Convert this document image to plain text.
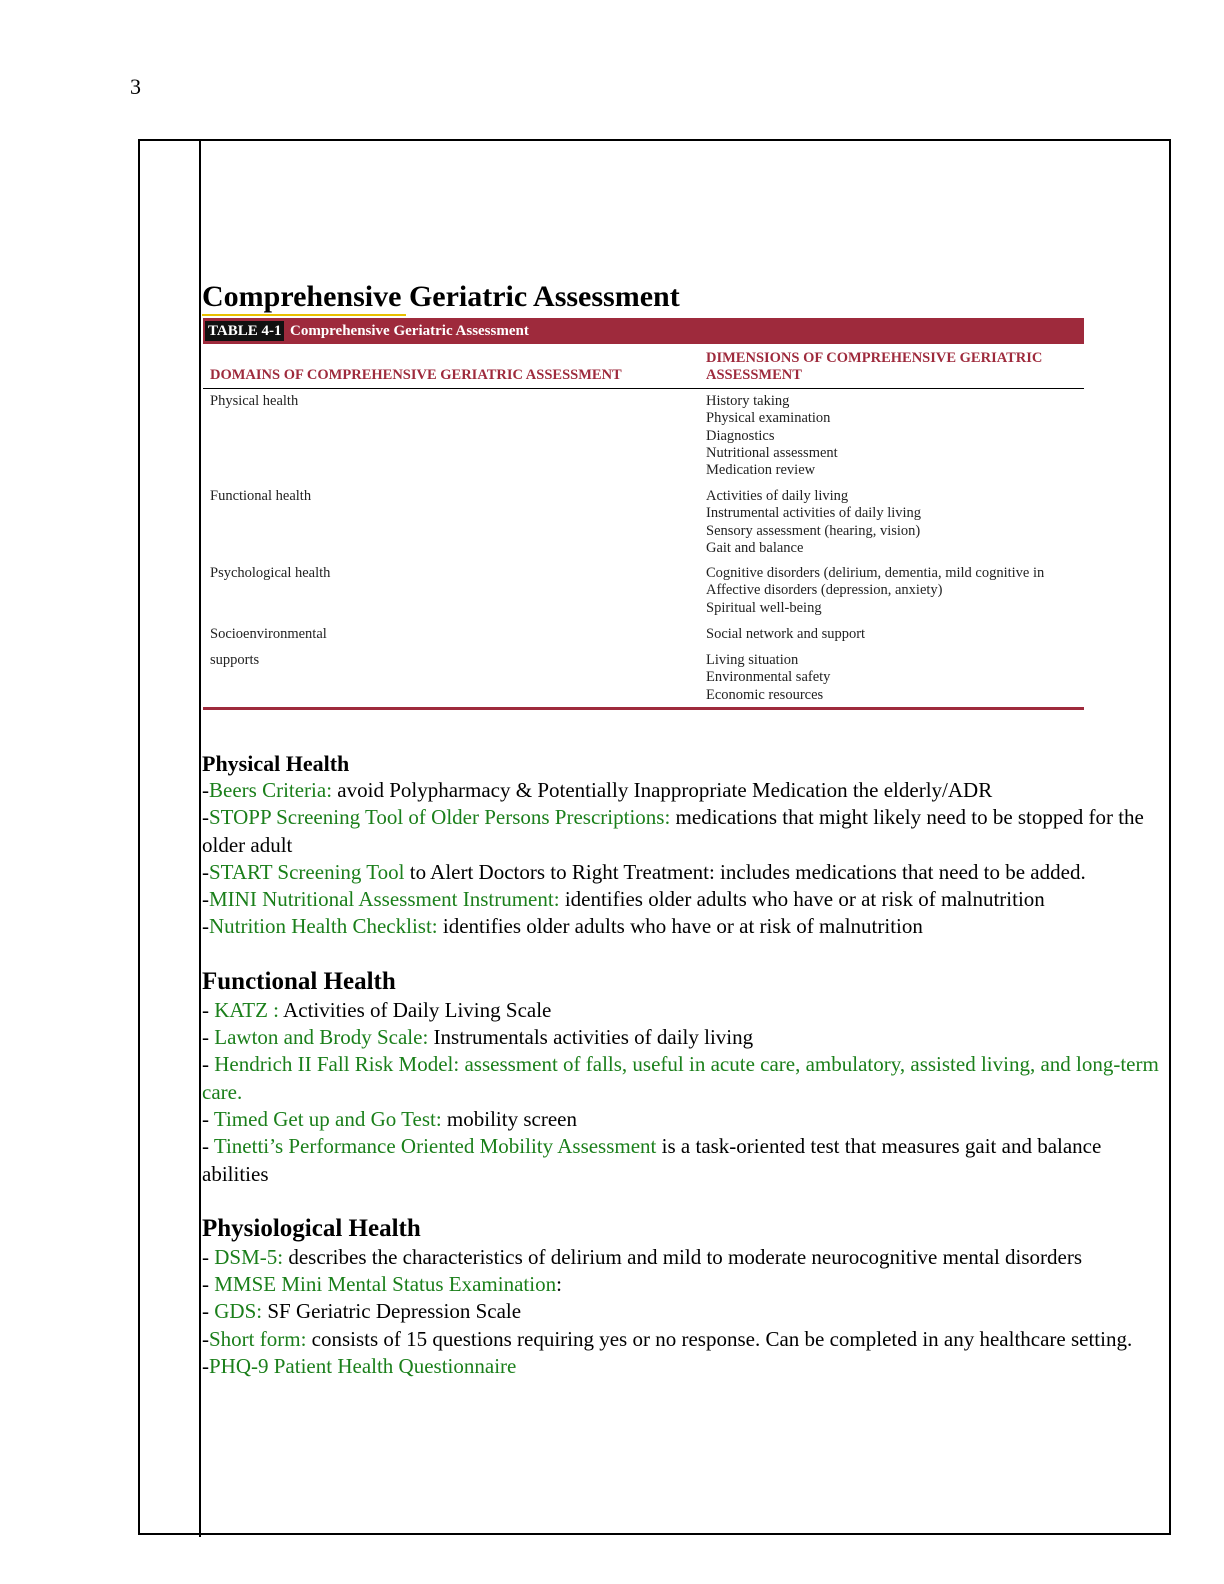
3
Comprehensive Geriatric Assessment
TABLE 4-1 Comprehensive Geriatric Assessment
DOMAINS OF COMPREHENSIVE GERIATRIC ASSESSMENT
DIMENSIONS OF COMPREHENSIVE GERIATRIC
ASSESSMENT
Physical health	History taking
Physical examination
Diagnostics
Nutritional assessment
Medication review
Functional health	Activities of daily living
Instrumental activities of daily living
Sensory assessment (hearing, vision)
Gait and balance
Psychological health	Cognitive disorders (delirium, dementia, mild cognitive in
Affective disorders (depression, anxiety)
Spiritual well-being
Socioenvironmental	Social network and support
supports	Living situation
Environmental safety
Economic resources
Physical Health

-Beers Criteria: avoid Polypharmacy & Potentially Inappropriate Medication the elderly/ADR

-STOPP Screening Tool of Older Persons Prescriptions: medications that might likely need to be stopped for the older adult

-START Screening Tool to Alert Doctors to Right Treatment: includes medications that need to be added.

-MINI Nutritional Assessment Instrument: identifies older adults who have or at risk of malnutrition

-Nutrition Health Checklist: identifies older adults who have or at risk of malnutrition

Functional Health

- KATZ : Activities of Daily Living Scale

- Lawton and Brody Scale: Instrumentals activities of daily living

- Hendrich II Fall Risk Model: assessment of falls, useful in acute care, ambulatory, assisted living, and long-term care.

- Timed Get up and Go Test: mobility screen

- Tinetti’s Performance Oriented Mobility Assessment is a task-oriented test that measures gait and balance abilities

Physiological Health

- DSM-5: describes the characteristics of delirium and mild to moderate neurocognitive mental disorders

- MMSE Mini Mental Status Examination:

- GDS: SF Geriatric Depression Scale

-Short form: consists of 15 questions requiring yes or no response. Can be completed in any healthcare setting.

-PHQ-9 Patient Health Questionnaire
